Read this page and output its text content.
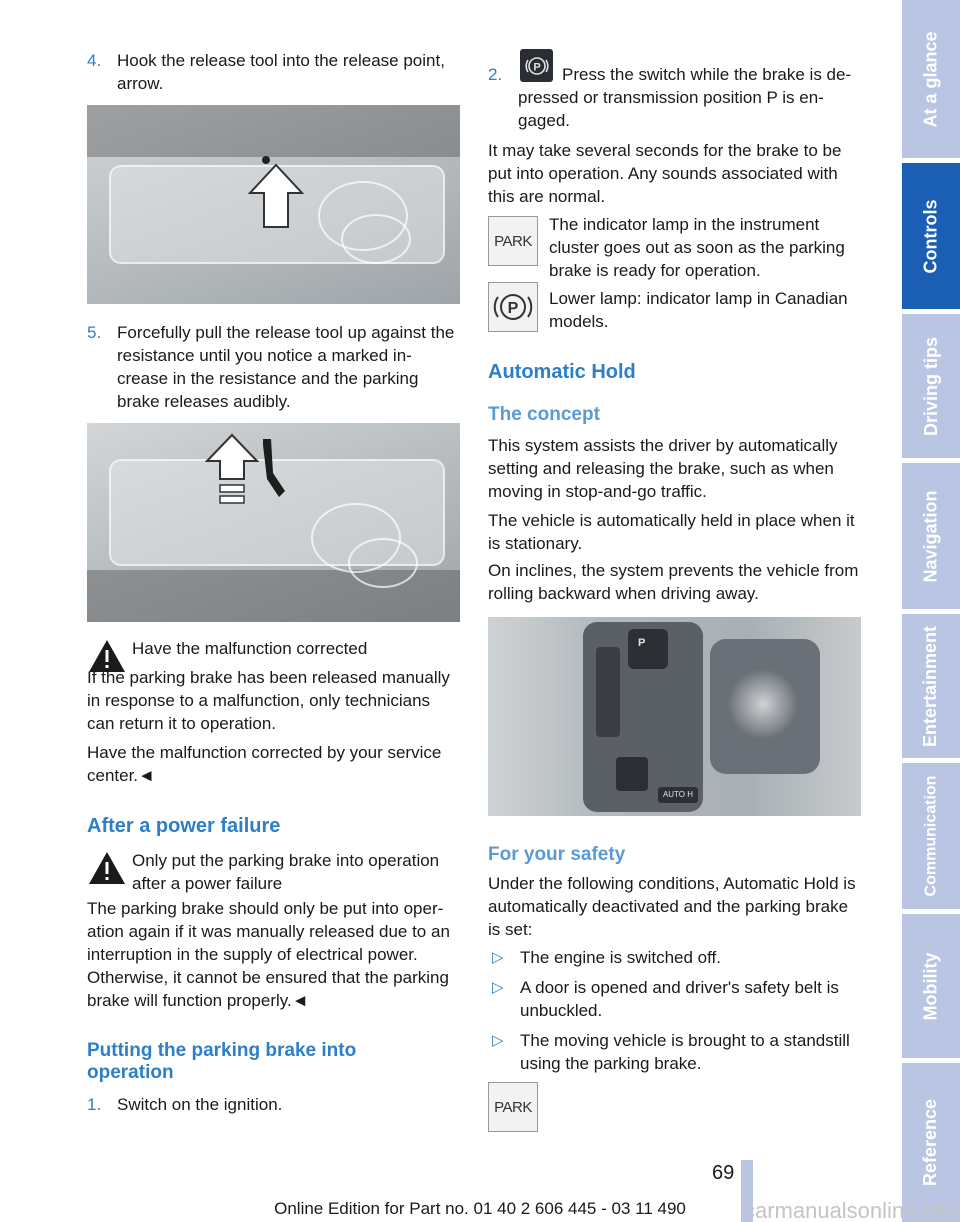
4. Hook the release tool into the release point, arrow.

5. Forcefully pull the release tool up against the resistance until you notice a marked in-crease in the resistance and the parking brake releases audibly.

Have the malfunction corrected

If the parking brake has been released manually in response to a malfunction, only technicians can return it to operation.

Have the malfunction corrected by your service center.◄

After a power failure

Only put the parking brake into operation after a power failure

The parking brake should only be put into oper-ation again if it was manually released due to an interruption in the supply of electrical power. Otherwise, it cannot be ensured that the parking brake will function properly.◄

Putting the parking brake into operation

1. Switch on the ignition.

2.	Press the switch while the brake is de-pressed or transmission position P is en-gaged.

P

It may take several seconds for the brake to be put into operation. Any sounds associated with this are normal.

PARK

The indicator lamp in the instrument cluster goes out as soon as the parking brake is ready for operation.

P

Lower lamp: indicator lamp in Canadian models.

Automatic Hold
The concept

This system assists the driver by automatically setting and releasing the brake, such as when moving in stop-and-go traffic.

The vehicle is automatically held in place when it is stationary.

On inclines, the system prevents the vehicle from rolling backward when driving away.

P
AUTO H
For your safety

Under the following conditions, Automatic Hold is automatically deactivated and the parking brake is set:

▷ The engine is switched off.
▷ A door is opened and driver's safety belt is unbuckled.
▷ The moving vehicle is brought to a standstill using the parking brake.
PARK
At a glance
Controls
Driving tips
Navigation
Entertainment
Communication
Mobility
Reference
69
Online Edition for Part no. 01 40 2 606 445 - 03 11 490	carmanualsonline.info
